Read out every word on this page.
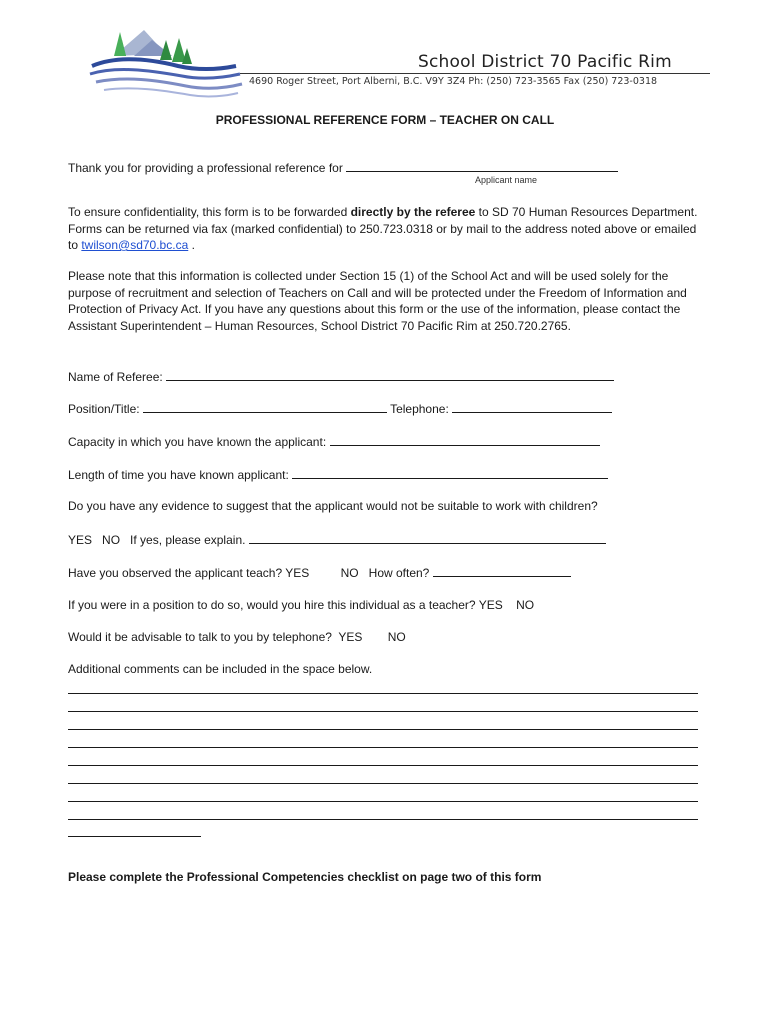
School District 70 Pacific Rim
4690 Roger Street, Port Alberni, B.C. V9Y 3Z4 Ph: (250) 723-3565 Fax (250) 723-0318
PROFESSIONAL REFERENCE FORM – TEACHER ON CALL
Thank you for providing a professional reference for
Applicant name
To ensure confidentiality, this form is to be forwarded directly by the referee to SD 70 Human Resources Department. Forms can be returned via fax (marked confidential) to 250.723.0318 or by mail to the address noted above or emailed to twilson@sd70.bc.ca .
Please note that this information is collected under Section 15 (1) of the School Act and will be used solely for the purpose of recruitment and selection of Teachers on Call and will be protected under the Freedom of Information and Protection of Privacy Act. If you have any questions about this form or the use of the information, please contact the Assistant Superintendent – Human Resources, School District 70 Pacific Rim at 250.720.2765.
Name of Referee:
Position/Title:	Telephone:
Capacity in which you have known the applicant:
Length of time you have known applicant:
Do you have any evidence to suggest that the applicant would not be suitable to work with children?
YES NO If yes, please explain.
Have you observed the applicant teach? YES	NO How often?
If you were in a position to do so, would you hire this individual as a teacher? YES NO
Would it be advisable to talk to you by telephone? YES NO
Additional comments can be included in the space below.
Please complete the Professional Competencies checklist on page two of this form
